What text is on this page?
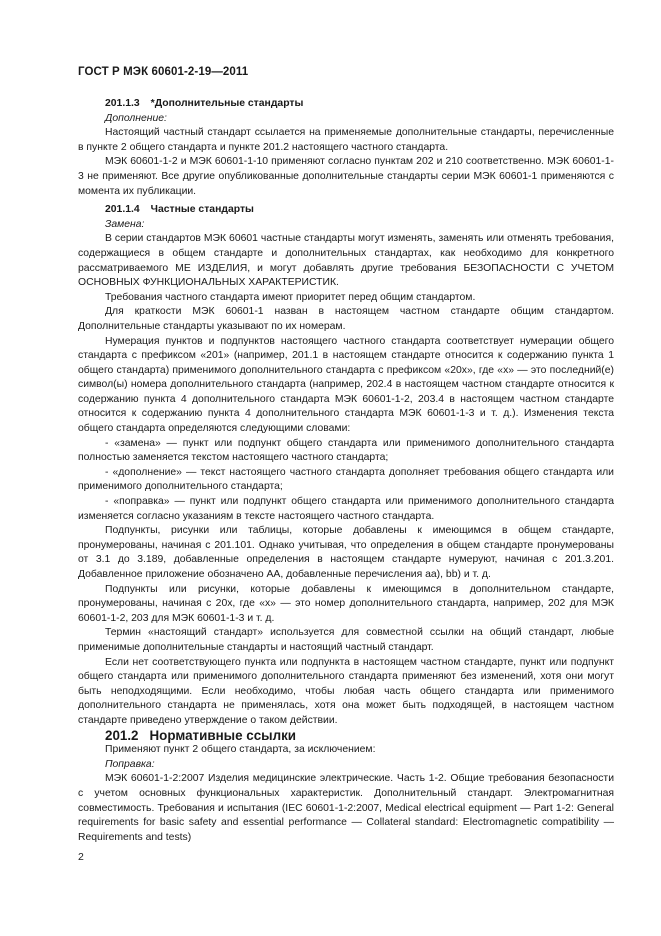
ГОСТ Р МЭК 60601-2-19—2011

201.1.3 *Дополнительные стандарты

Дополнение:

Настоящий частный стандарт ссылается на применяемые дополнительные стандарты, перечисленные в пункте 2 общего стандарта и пункте 201.2 настоящего частного стандарта.

МЭК 60601-1-2 и МЭК 60601-1-10 применяют согласно пунктам 202 и 210 соответственно. МЭК 60601-1-3 не применяют. Все другие опубликованные дополнительные стандарты серии МЭК 60601-1 применяются с момента их публикации.

201.1.4 Частные стандарты

Замена:

В серии стандартов МЭК 60601 частные стандарты могут изменять, заменять или отменять требования, содержащиеся в общем стандарте и дополнительных стандартах, как необходимо для конкретного рассматриваемого МЕ ИЗДЕЛИЯ, и могут добавлять другие требования БЕЗОПАСНОСТИ С УЧЕТОМ ОСНОВНЫХ ФУНКЦИОНАЛЬНЫХ ХАРАКТЕРИСТИК.

Требования частного стандарта имеют приоритет перед общим стандартом.

Для краткости МЭК 60601-1 назван в настоящем частном стандарте общим стандартом. Дополнительные стандарты указывают по их номерам.

Нумерация пунктов и подпунктов настоящего частного стандарта соответствует нумерации общего стандарта с префиксом «201» (например, 201.1 в настоящем стандарте относится к содержанию пункта 1 общего стандарта) применимого дополнительного стандарта с префиксом «20x», где «x» — это последний(е) символ(ы) номера дополнительного стандарта (например, 202.4 в настоящем частном стандарте относится к содержанию пункта 4 дополнительного стандарта МЭК 60601-1-2, 203.4 в настоящем частном стандарте относится к содержанию пункта 4 дополнительного стандарта МЭК 60601-1-3 и т. д.). Изменения текста общего стандарта определяются следующими словами:

- «замена» — пункт или подпункт общего стандарта или применимого дополнительного стандарта полностью заменяется текстом настоящего частного стандарта;

- «дополнение» — текст настоящего частного стандарта дополняет требования общего стандарта или применимого дополнительного стандарта;

- «поправка» — пункт или подпункт общего стандарта или применимого дополнительного стандарта изменяется согласно указаниям в тексте настоящего частного стандарта.

Подпункты, рисунки или таблицы, которые добавлены к имеющимся в общем стандарте, пронумерованы, начиная с 201.101. Однако учитывая, что определения в общем стандарте пронумерованы от 3.1 до 3.189, добавленные определения в настоящем стандарте нумеруют, начиная с 201.3.201. Добавленное приложение обозначено АА, добавленные перечисления аа), bb) и т. д.

Подпункты или рисунки, которые добавлены к имеющимся в дополнительном стандарте, пронумерованы, начиная с 20x, где «x» — это номер дополнительного стандарта, например, 202 для МЭК 60601-1-2, 203 для МЭК 60601-1-3 и т. д.

Термин «настоящий стандарт» используется для совместной ссылки на общий стандарт, любые применимые дополнительные стандарты и настоящий частный стандарт.

Если нет соответствующего пункта или подпункта в настоящем частном стандарте, пункт или подпункт общего стандарта или применимого дополнительного стандарта применяют без изменений, хотя они могут быть неподходящими. Если необходимо, чтобы любая часть общего стандарта или применимого дополнительного стандарта не применялась, хотя она может быть подходящей, в настоящем частном стандарте приведено утверждение о таком действии.

201.2 Нормативные ссылки

Применяют пункт 2 общего стандарта, за исключением:

Поправка:

МЭК 60601-1-2:2007 Изделия медицинские электрические. Часть 1-2. Общие требования безопасности с учетом основных функциональных характеристик. Дополнительный стандарт. Электромагнитная совместимость. Требования и испытания (IEC 60601-1-2:2007, Medical electrical equipment — Part 1-2: General requirements for basic safety and essential performance — Collateral standard: Electromagnetic compatibility — Requirements and tests)

2
